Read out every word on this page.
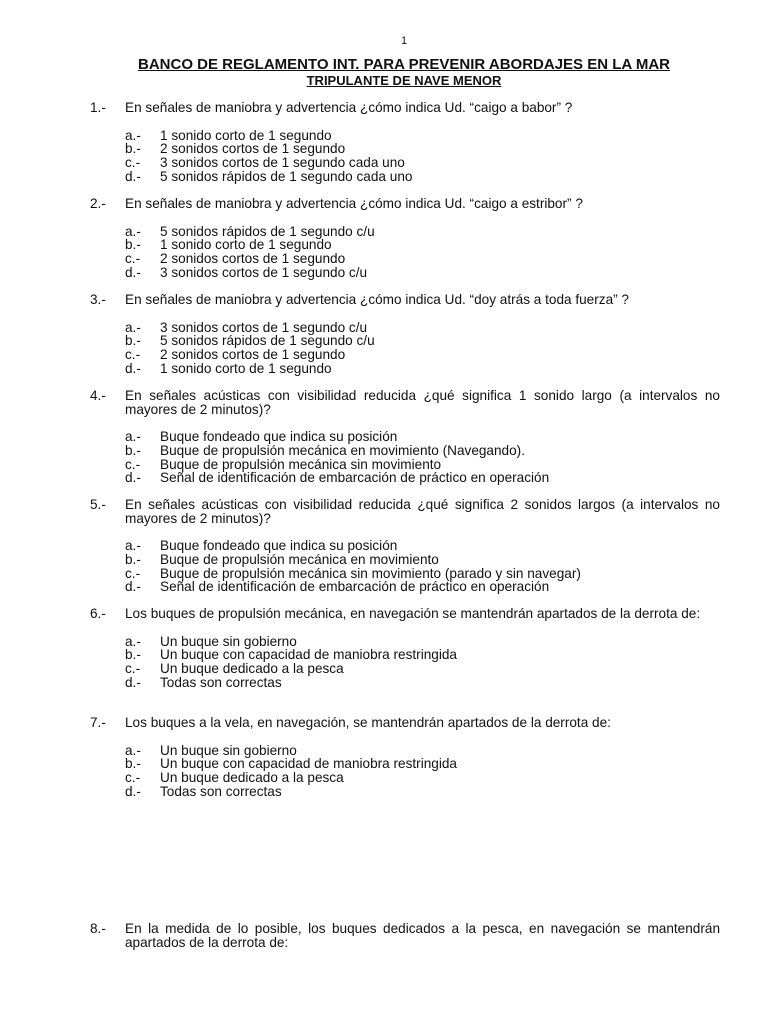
1
BANCO DE REGLAMENTO INT. PARA PREVENIR ABORDAJES EN LA MAR
TRIPULANTE DE NAVE MENOR
1.-	En señales de maniobra y advertencia ¿cómo indica Ud. “caigo a babor” ?
a.-	1 sonido corto de 1 segundo
b.-	2 sonidos cortos de 1 segundo
c.-	3 sonidos cortos de 1 segundo cada uno
d.-	5 sonidos rápidos de 1 segundo cada uno
2.-	En señales de maniobra y advertencia ¿cómo indica Ud. “caigo a estribor” ?
a.-	5 sonidos rápidos de 1 segundo c/u
b.-	1 sonido corto de 1 segundo
c.-	2 sonidos cortos de 1 segundo
d.-	3 sonidos cortos de 1 segundo c/u
3.-	En señales de maniobra y advertencia ¿cómo indica Ud. “doy atrás a toda fuerza” ?
a.-	3 sonidos cortos de 1 segundo c/u
b.-	5 sonidos rápidos de 1 segundo c/u
c.-	2 sonidos cortos de 1 segundo
d.-	1 sonido corto de 1 segundo
4.-	En señales acústicas con visibilidad reducida ¿qué significa 1 sonido largo (a intervalos no mayores de 2 minutos)?
a.-	Buque fondeado que indica su posición
b.-	Buque de propulsión mecánica en movimiento (Navegando).
c.-	Buque de propulsión mecánica sin movimiento
d.-	Señal de identificación de embarcación de práctico en operación
5.-	En señales acústicas con visibilidad reducida ¿qué significa 2 sonidos largos (a intervalos no mayores de 2 minutos)?
a.-	Buque fondeado que indica su posición
b.-	Buque de propulsión mecánica en movimiento
c.-	Buque de propulsión mecánica sin movimiento (parado y sin navegar)
d.-	Señal de identificación de embarcación de práctico en operación
6.-	Los buques de propulsión mecánica, en navegación se mantendrán apartados de la derrota de:
a.-	Un buque sin gobierno
b.-	Un buque con capacidad de maniobra restringida
c.-	Un buque dedicado a la pesca
d.-	Todas son correctas
7.-	Los buques a la vela, en navegación, se mantendrán apartados de la derrota de:
a.-	Un buque sin gobierno
b.-	Un buque con capacidad de maniobra restringida
c.-	Un buque dedicado a la pesca
d.-	Todas son correctas
8.-	En la medida de lo posible, los buques dedicados a la pesca, en navegación se mantendrán apartados de la derrota de:
